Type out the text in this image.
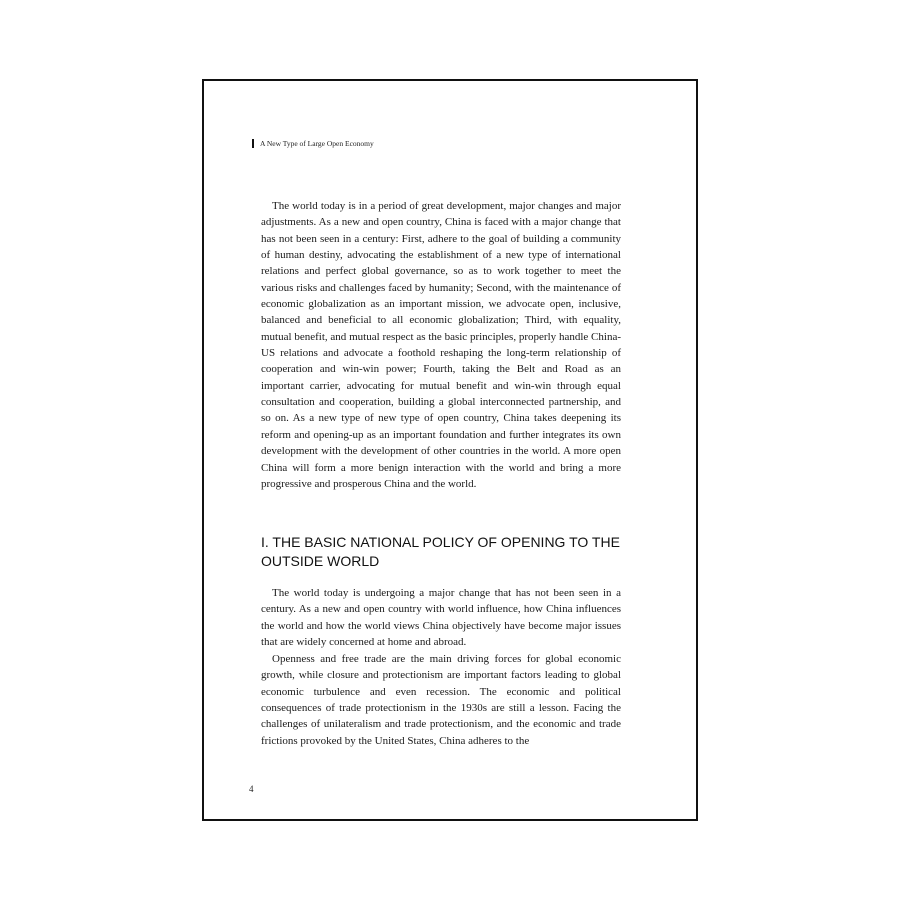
A New Type of Large Open Economy

The world today is in a period of great development, major changes and major adjustments. As a new and open country, China is faced with a major change that has not been seen in a century: First, adhere to the goal of building a community of human destiny, advocating the establishment of a new type of international relations and perfect global governance, so as to work together to meet the various risks and challenges faced by humanity; Second, with the maintenance of economic globalization as an important mission, we advocate open, inclusive, balanced and beneficial to all economic globalization; Third, with equality, mutual benefit, and mutual respect as the basic principles, properly handle China-US relations and advocate a foothold reshaping the long-term relationship of cooperation and win-win power; Fourth, taking the Belt and Road as an important carrier, advocating for mutual benefit and win-win through equal consultation and cooperation, building a global interconnected partnership, and so on. As a new type of new type of open country, China takes deepening its reform and opening-up as an important foundation and further integrates its own development with the development of other countries in the world. A more open China will form a more benign interaction with the world and bring a more progressive and prosperous China and the world.

I. THE BASIC NATIONAL POLICY OF OPENING TO THE OUTSIDE WORLD

The world today is undergoing a major change that has not been seen in a century. As a new and open country with world influence, how China influences the world and how the world views China objectively have become major issues that are widely concerned at home and abroad.

Openness and free trade are the main driving forces for global economic growth, while closure and protectionism are important factors leading to global economic turbulence and even recession. The economic and political consequences of trade protectionism in the 1930s are still a lesson. Facing the challenges of unilateralism and trade protectionism, and the economic and trade frictions provoked by the United States, China adheres to the

4
